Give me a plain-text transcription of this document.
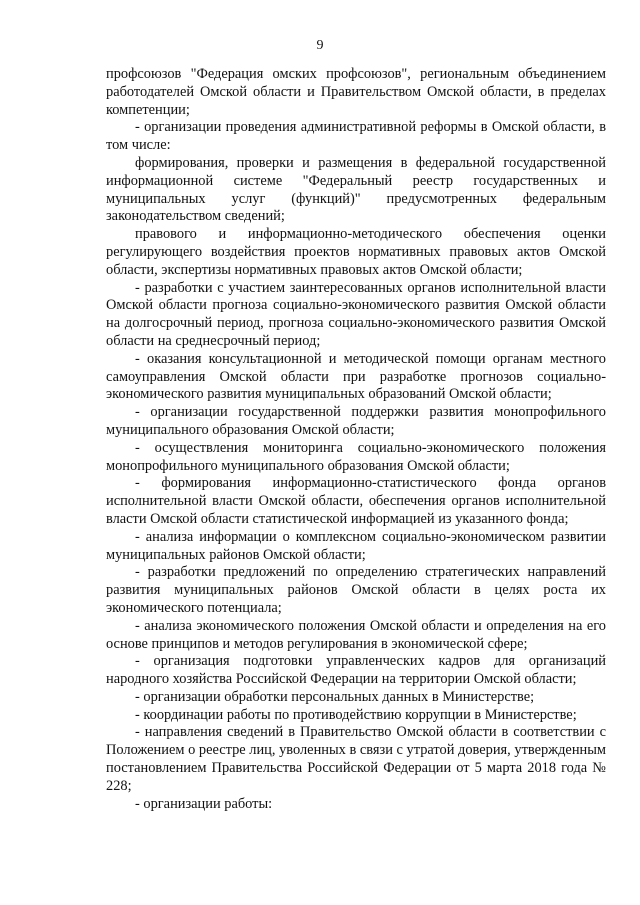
9

профсоюзов "Федерация омских профсоюзов", региональным объединением работодателей Омской области и Правительством Омской области, в пределах компетенции;

- организации проведения административной реформы в Омской области, в том числе:

формирования, проверки и размещения в федеральной государственной информационной системе "Федеральный реестр государственных и муниципальных услуг (функций)" предусмотренных федеральным законодательством сведений;

правового и информационно-методического обеспечения оценки регулирующего воздействия проектов нормативных правовых актов Омской области, экспертизы нормативных правовых актов Омской области;

- разработки с участием заинтересованных органов исполнительной власти Омской области прогноза социально-экономического развития Омской области на долгосрочный период, прогноза социально-экономического развития Омской области на среднесрочный период;

- оказания консультационной и методической помощи органам местного самоуправления Омской области при разработке прогнозов социально-экономического развития муниципальных образований Омской области;

- организации государственной поддержки развития монопрофильного муниципального образования Омской области;

- осуществления мониторинга социально-экономического положения монопрофильного муниципального образования Омской области;

- формирования информационно-статистического фонда органов исполнительной власти Омской области, обеспечения органов исполнительной власти Омской области статистической информацией из указанного фонда;

- анализа информации о комплексном социально-экономическом развитии муниципальных районов Омской области;

- разработки предложений по определению стратегических направлений развития муниципальных районов Омской области в целях роста их экономического потенциала;

- анализа экономического положения Омской области и определения на его основе принципов и методов регулирования в экономической сфере;

- организация подготовки управленческих кадров для организаций народного хозяйства Российской Федерации на территории Омской области;

- организации обработки персональных данных в Министерстве;

- координации работы по противодействию коррупции в Министерстве;

- направления сведений в Правительство Омской области в соответствии с Положением о реестре лиц, уволенных в связи с утратой доверия, утвержденным постановлением Правительства Российской Федерации от 5 марта 2018 года № 228;

- организации работы:
